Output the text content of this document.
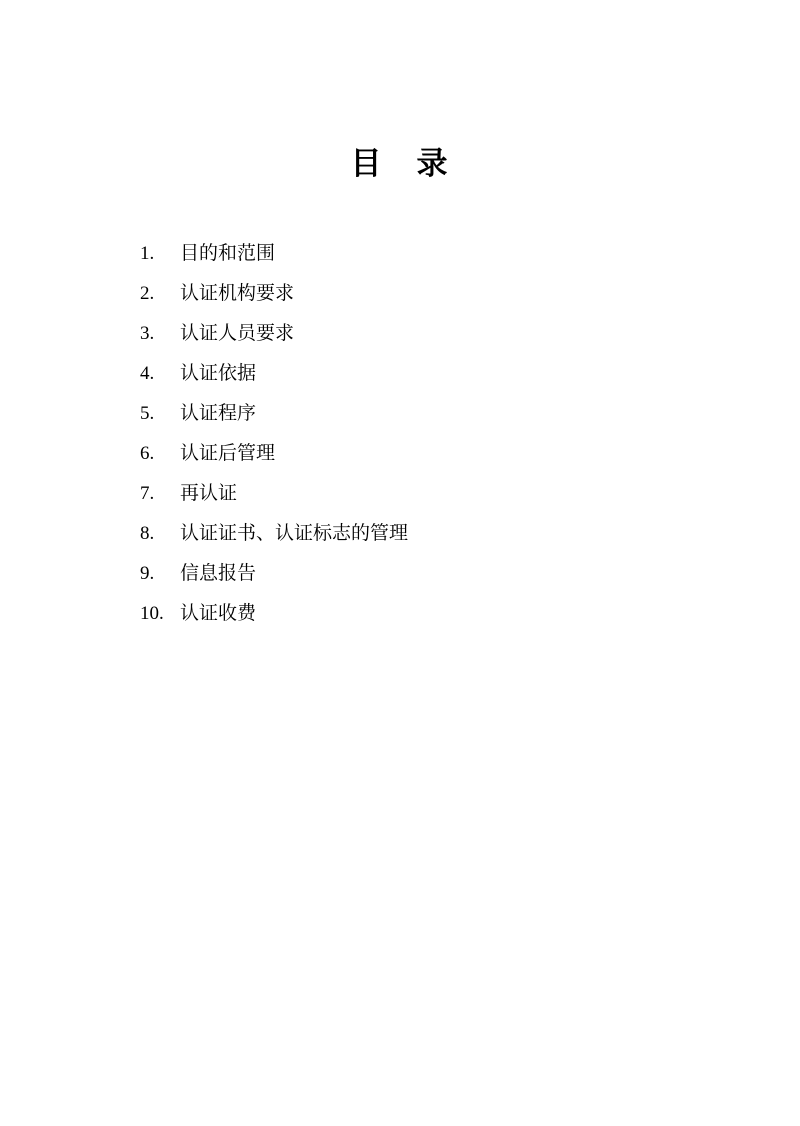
目　录
1.	目的和范围
2.	认证机构要求
3.	认证人员要求
4.	认证依据
5.	认证程序
6.	认证后管理
7.	再认证
8.	认证证书、认证标志的管理
9.	信息报告
10. 认证收费
